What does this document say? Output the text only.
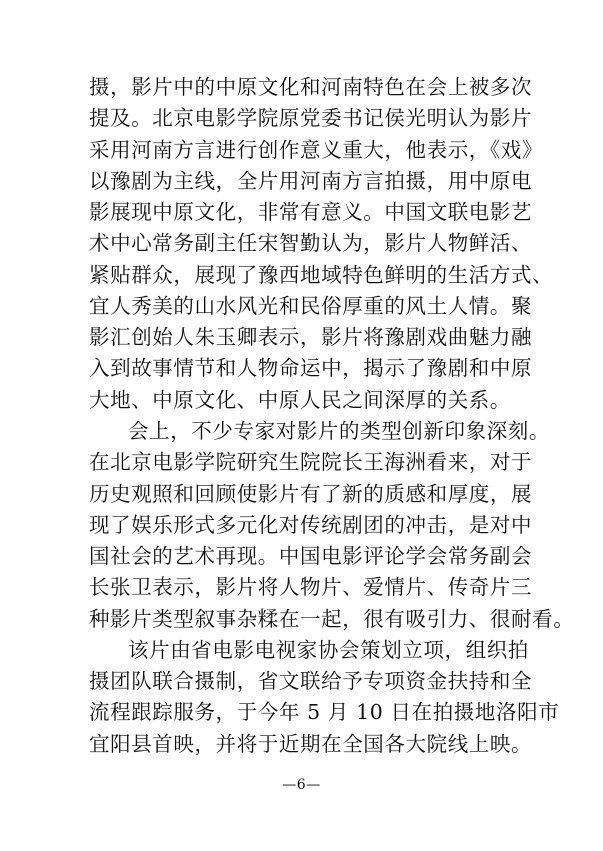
摄，影片中的中原文化和河南特色在会上被多次
提及。北京电影学院原党委书记侯光明认为影片
采用河南方言进行创作意义重大，他表示，《戏》
以豫剧为主线，全片用河南方言拍摄，用中原电
影展现中原文化，非常有意义。中国文联电影艺
术中心常务副主任宋智勤认为，影片人物鲜活、
紧贴群众，展现了豫西地域特色鲜明的生活方式、
宜人秀美的山水风光和民俗厚重的风土人情。聚
影汇创始人朱玉卿表示，影片将豫剧戏曲魅力融
入到故事情节和人物命运中，揭示了豫剧和中原
大地、中原文化、中原人民之间深厚的关系。
会上，不少专家对影片的类型创新印象深刻。
在北京电影学院研究生院院长王海洲看来，对于
历史观照和回顾使影片有了新的质感和厚度，展
现了娱乐形式多元化对传统剧团的冲击，是对中
国社会的艺术再现。中国电影评论学会常务副会
长张卫表示，影片将人物片、爱情片、传奇片三
种影片类型叙事杂糅在一起，很有吸引力、很耐看。
该片由省电影电视家协会策划立项，组织拍
摄团队联合摄制，省文联给予专项资金扶持和全
流程跟踪服务，于今年 5 月 10 日在拍摄地洛阳市
宜阳县首映，并将于近期在全国各大院线上映。
—6—
